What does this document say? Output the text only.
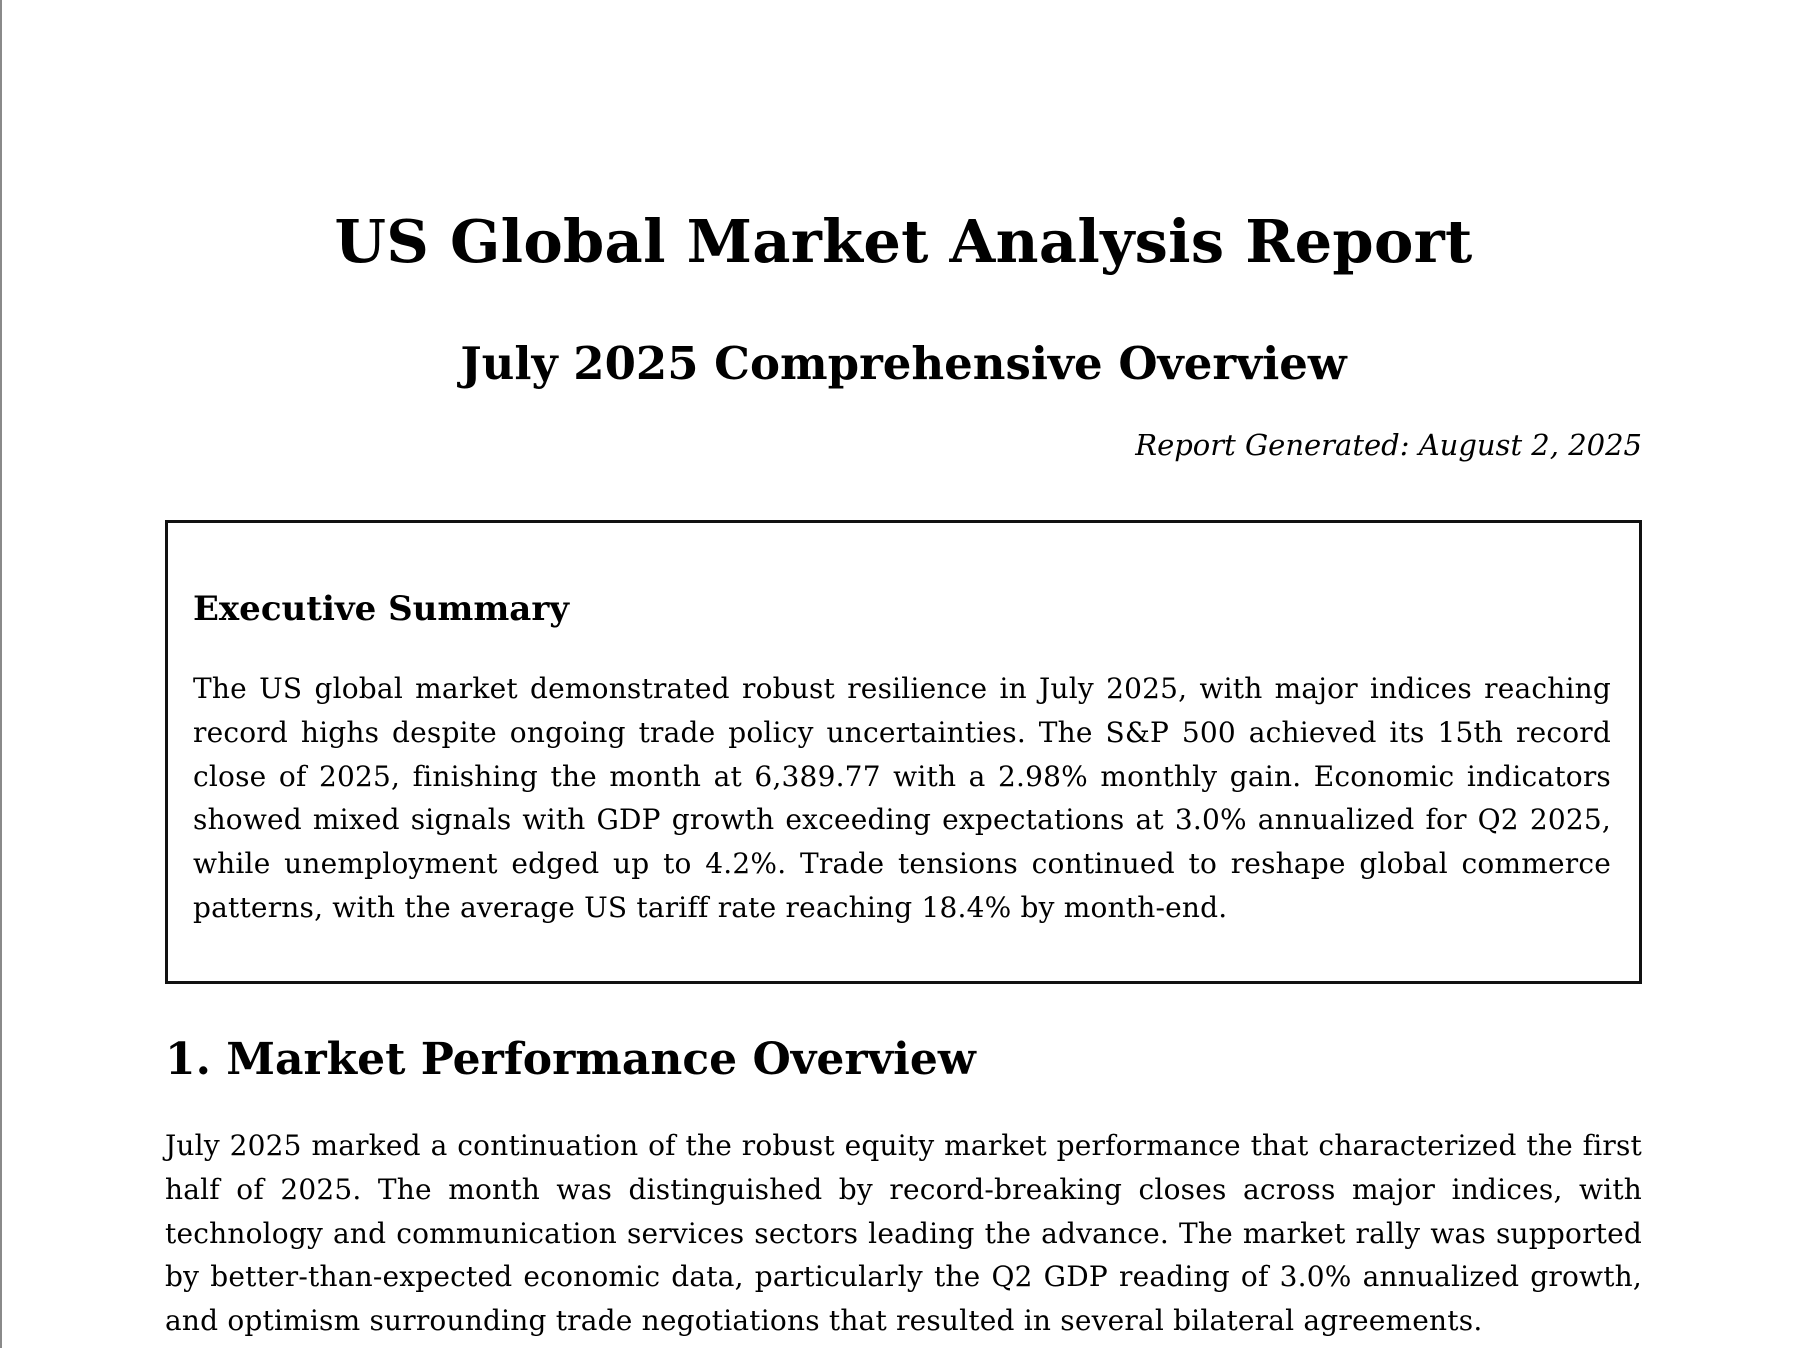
US Global Market Analysis Report
July 2025 Comprehensive Overview

Report Generated: August 2, 2025

Executive Summary

The US global market demonstrated robust resilience in July 2025, with major indices reaching record highs despite ongoing trade policy uncertainties. The S&P 500 achieved its 15th record close of 2025, finishing the month at 6,389.77 with a 2.98% monthly gain. Economic indicators showed mixed signals with GDP growth exceeding expectations at 3.0% annualized for Q2 2025, while unemployment edged up to 4.2%. Trade tensions continued to reshape global commerce patterns, with the average US tariff rate reaching 18.4% by month-end.

1. Market Performance Overview

July 2025 marked a continuation of the robust equity market performance that characterized the first half of 2025. The month was distinguished by record-breaking closes across major indices, with technology and communication services sectors leading the advance. The market rally was supported by better-than-expected economic data, particularly the Q2 GDP reading of 3.0% annualized growth, and optimism surrounding trade negotiations that resulted in several bilateral agreements.
